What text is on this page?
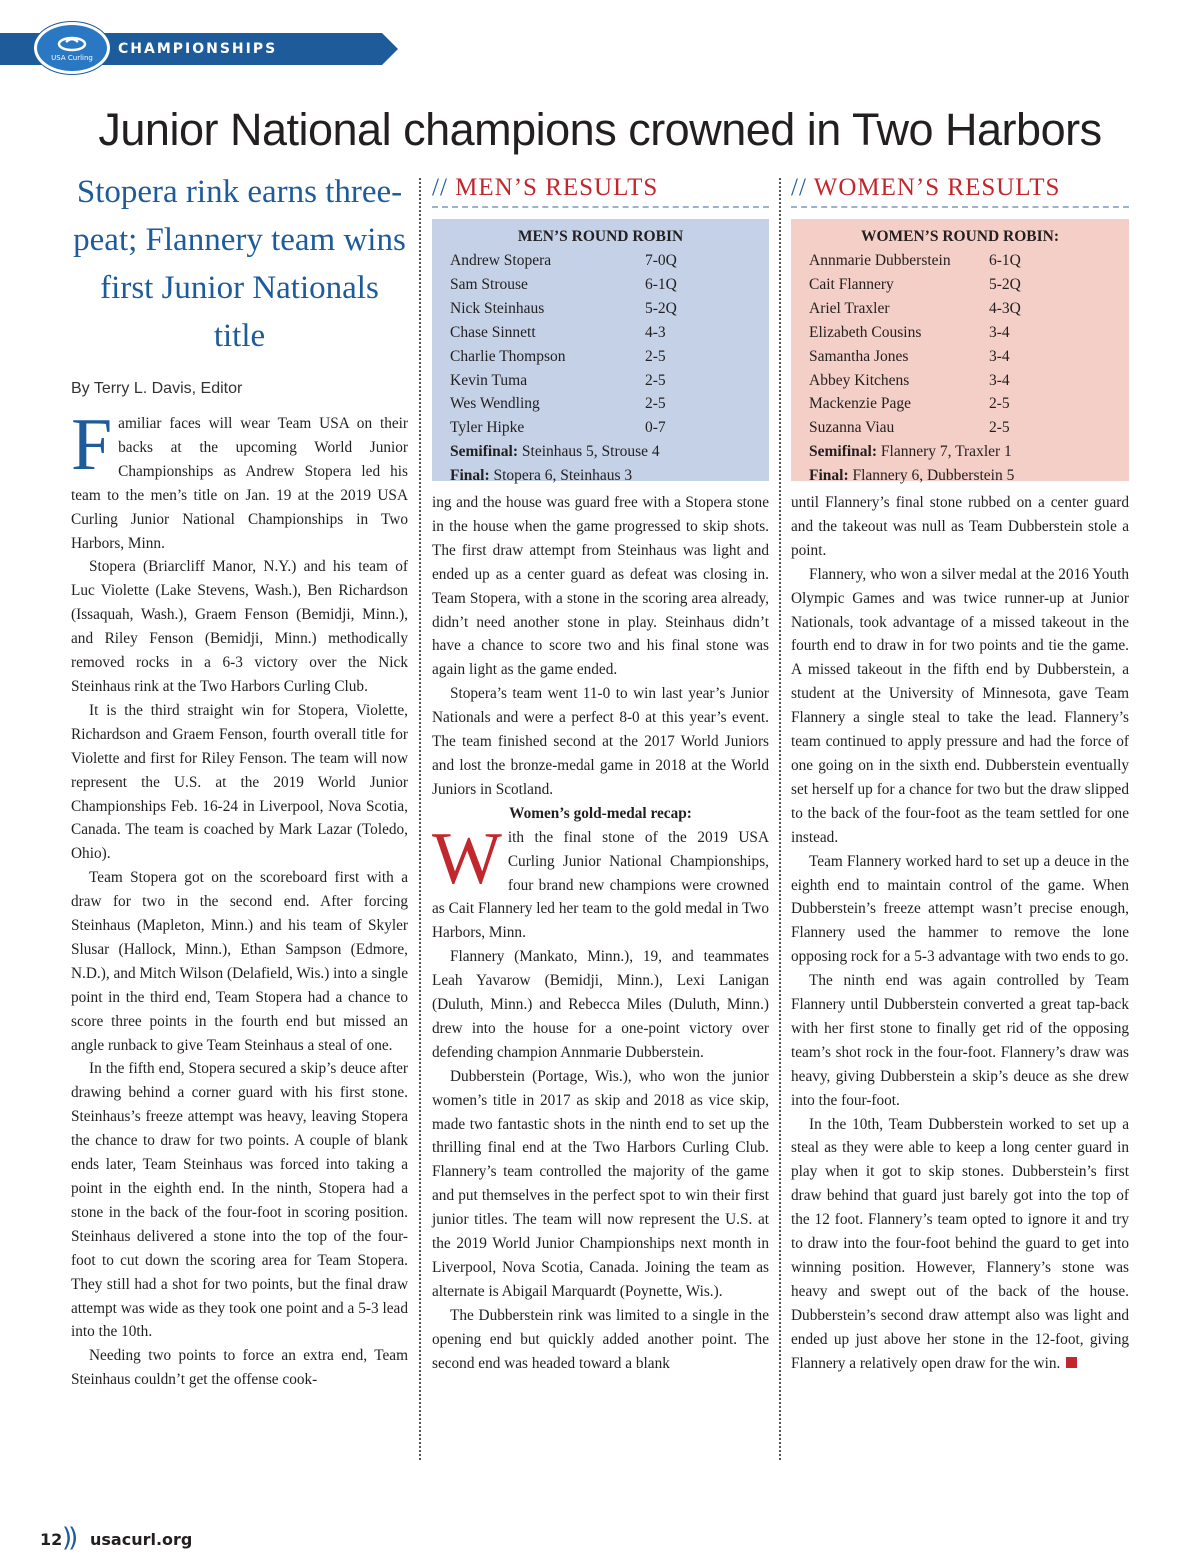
CHAMPIONSHIPS
USA Curling
Junior National champions crowned in Two Harbors
Stopera rink earns three-peat; Flannery team wins first Junior Nationals title
By Terry L. Davis, Editor

Familiar faces will wear Team USA on their backs at the upcoming World Junior Championships as Andrew Stopera led his team to the men’s title on Jan. 19 at the 2019 USA Curling Junior National Championships in Two Harbors, Minn.

Stopera (Briarcliff Manor, N.Y.) and his team of Luc Violette (Lake Stevens, Wash.), Ben Richardson (Issaquah, Wash.), Graem Fenson (Bemidji, Minn.), and Riley Fenson (Bemidji, Minn.) methodically removed rocks in a 6-3 victory over the Nick Steinhaus rink at the Two Harbors Curling Club.

It is the third straight win for Stopera, Violette, Richardson and Graem Fenson, fourth overall title for Violette and first for Riley Fenson. The team will now represent the U.S. at the 2019 World Junior Championships Feb. 16-24 in Liverpool, Nova Scotia, Canada. The team is coached by Mark Lazar (Toledo, Ohio).

Team Stopera got on the scoreboard first with a draw for two in the second end. After forcing Steinhaus (Mapleton, Minn.) and his team of Skyler Slusar (Hallock, Minn.), Ethan Sampson (Edmore, N.D.), and Mitch Wilson (Delafield, Wis.) into a single point in the third end, Team Stopera had a chance to score three points in the fourth end but missed an angle runback to give Team Steinhaus a steal of one.

In the fifth end, Stopera secured a skip’s deuce after drawing behind a corner guard with his first stone. Steinhaus’s freeze attempt was heavy, leaving Stopera the chance to draw for two points. A couple of blank ends later, Team Steinhaus was forced into taking a point in the eighth end. In the ninth, Stopera had a stone in the back of the four-foot in scoring position. Steinhaus delivered a stone into the top of the four-foot to cut down the scoring area for Team Stopera. They still had a shot for two points, but the final draw attempt was wide as they took one point and a 5-3 lead into the 10th.

Needing two points to force an extra end, Team Steinhaus couldn’t get the offense cook-

// MEN’S RESULTS
MEN’S ROUND ROBIN
Andrew Stopera	7-0Q
Sam Strouse	6-1Q
Nick Steinhaus	5-2Q
Chase Sinnett	4-3
Charlie Thompson	2-5
Kevin Tuma	2-5
Wes Wendling	2-5
Tyler Hipke	0-7
Semifinal: Steinhaus 5, Strouse 4
Final: Stopera 6, Steinhaus 3

ing and the house was guard free with a Stopera stone in the house when the game progressed to skip shots. The first draw attempt from Steinhaus was light and ended up as a center guard as defeat was closing in. Team Stopera, with a stone in the scoring area already, didn’t need another stone in play. Steinhaus didn’t have a chance to score two and his final stone was again light as the game ended.

Stopera’s team went 11-0 to win last year’s Junior Nationals and were a perfect 8-0 at this year’s event. The team finished second at the 2017 World Juniors and lost the bronze-medal game in 2018 at the World Juniors in Scotland.

Women’s gold-medal recap:

With the final stone of the 2019 USA Curling Junior National Championships, four brand new champions were crowned as Cait Flannery led her team to the gold medal in Two Harbors, Minn.

Flannery (Mankato, Minn.), 19, and teammates Leah Yavarow (Bemidji, Minn.), Lexi Lanigan (Duluth, Minn.) and Rebecca Miles (Duluth, Minn.) drew into the house for a one-point victory over defending champion Annmarie Dubberstein.

Dubberstein (Portage, Wis.), who won the junior women’s title in 2017 as skip and 2018 as vice skip, made two fantastic shots in the ninth end to set up the thrilling final end at the Two Harbors Curling Club. Flannery’s team controlled the majority of the game and put themselves in the perfect spot to win their first junior titles. The team will now represent the U.S. at the 2019 World Junior Championships next month in Liverpool, Nova Scotia, Canada. Joining the team as alternate is Abigail Marquardt (Poynette, Wis.).

The Dubberstein rink was limited to a single in the opening end but quickly added another point. The second end was headed toward a blank

// WOMEN’S RESULTS
WOMEN’S ROUND ROBIN:
Annmarie Dubberstein	6-1Q
Cait Flannery	5-2Q
Ariel Traxler	4-3Q
Elizabeth Cousins	3-4
Samantha Jones	3-4
Abbey Kitchens	3-4
Mackenzie Page	2-5
Suzanna Viau	2-5
Semifinal: Flannery 7, Traxler 1
Final: Flannery 6, Dubberstein 5

until Flannery’s final stone rubbed on a center guard and the takeout was null as Team Dubberstein stole a point.

Flannery, who won a silver medal at the 2016 Youth Olympic Games and was twice runner-up at Junior Nationals, took advantage of a missed takeout in the fourth end to draw in for two points and tie the game. A missed takeout in the fifth end by Dubberstein, a student at the University of Minnesota, gave Team Flannery a single steal to take the lead. Flannery’s team continued to apply pressure and had the force of one going on in the sixth end. Dubberstein eventually set herself up for a chance for two but the draw slipped to the back of the four-foot as the team settled for one instead.

Team Flannery worked hard to set up a deuce in the eighth end to maintain control of the game. When Dubberstein’s freeze attempt wasn’t precise enough, Flannery used the hammer to remove the lone opposing rock for a 5-3 advantage with two ends to go.

The ninth end was again controlled by Team Flannery until Dubberstein converted a great tap-back with her first stone to finally get rid of the opposing team’s shot rock in the four-foot. Flannery’s draw was heavy, giving Dubberstein a skip’s deuce as she drew into the four-foot.

In the 10th, Team Dubberstein worked to set up a steal as they were able to keep a long center guard in play when it got to skip stones. Dubberstein’s first draw behind that guard just barely got into the top of the 12 foot. Flannery’s team opted to ignore it and try to draw into the four-foot behind the guard to get into winning position. However, Flannery’s stone was heavy and swept out of the back of the house. Dubberstein’s second draw attempt also was light and ended up just above her stone in the 12-foot, giving Flannery a relatively open draw for the win.

12 )) usacurl.org
